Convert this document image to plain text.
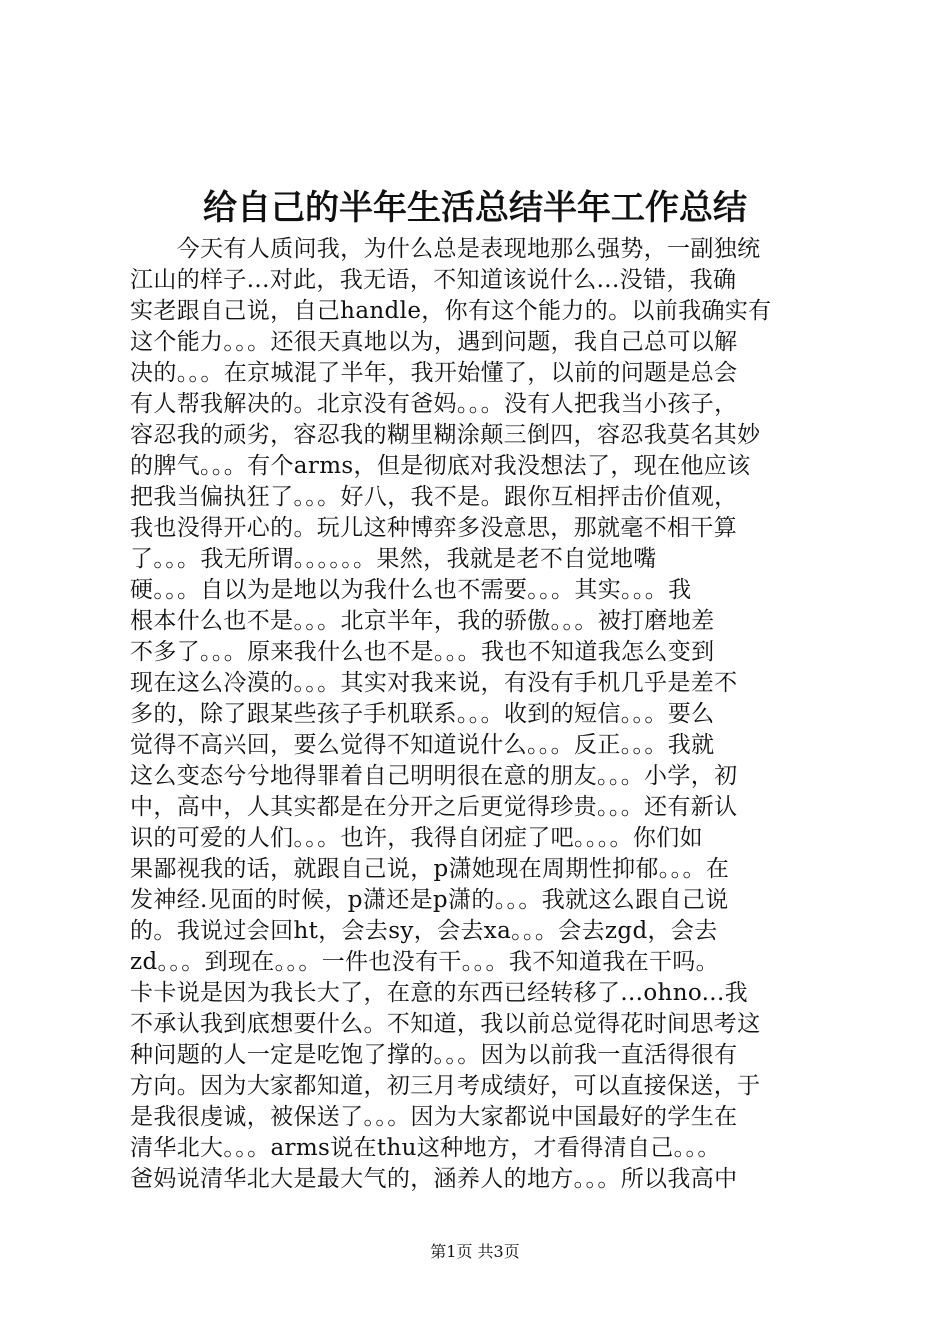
给自己的半年生活总结半年工作总结
　　今天有人质问我，为什么总是表现地那么强势，一副独统
江山的样子...对此，我无语，不知道该说什么...没错，我确
实老跟自己说，自己handle，你有这个能力的。以前我确实有
这个能力。。。还很天真地以为，遇到问题，我自己总可以解
决的。。。在京城混了半年，我开始懂了，以前的问题是总会
有人帮我解决的。北京没有爸妈。。。没有人把我当小孩子，
容忍我的顽劣，容忍我的糊里糊涂颠三倒四，容忍我莫名其妙
的脾气。。。有个arms，但是彻底对我没想法了，现在他应该
把我当偏执狂了。。。好八，我不是。跟你互相抨击价值观，
我也没得开心的。玩儿这种博弈多没意思，那就毫不相干算
了。。。我无所谓。。。。。。果然，我就是老不自觉地嘴
硬。。。自以为是地以为我什么也不需要。。。其实。。。我
根本什么也不是。。。北京半年，我的骄傲。。。被打磨地差
不多了。。。原来我什么也不是。。。我也不知道我怎么变到
现在这么冷漠的。。。其实对我来说，有没有手机几乎是差不
多的，除了跟某些孩子手机联系。。。收到的短信。。。要么
觉得不高兴回，要么觉得不知道说什么。。。反正。。。我就
这么变态兮兮地得罪着自己明明很在意的朋友。。。小学，初
中，高中，人其实都是在分开之后更觉得珍贵。。。还有新认
识的可爱的人们。。。也许，我得自闭症了吧。。。。你们如
果鄙视我的话，就跟自己说，p潇她现在周期性抑郁。。。在
发神经.见面的时候，p潇还是p潇的。。。我就这么跟自己说
的。我说过会回ht，会去sy，会去xa。。。会去zgd，会去
zd。。。到现在。。。一件也没有干。。。我不知道我在干吗。
卡卡说是因为我长大了，在意的东西已经转移了...ohno...我
不承认我到底想要什么。不知道，我以前总觉得花时间思考这
种问题的人一定是吃饱了撑的。。。因为以前我一直活得很有
方向。因为大家都知道，初三月考成绩好，可以直接保送，于
是我很虔诚，被保送了。。。因为大家都说中国最好的学生在
清华北大。。。arms说在thu这种地方，才看得清自己。。。
爸妈说清华北大是最大气的，涵养人的地方。。。所以我高中
第1页 共3页
